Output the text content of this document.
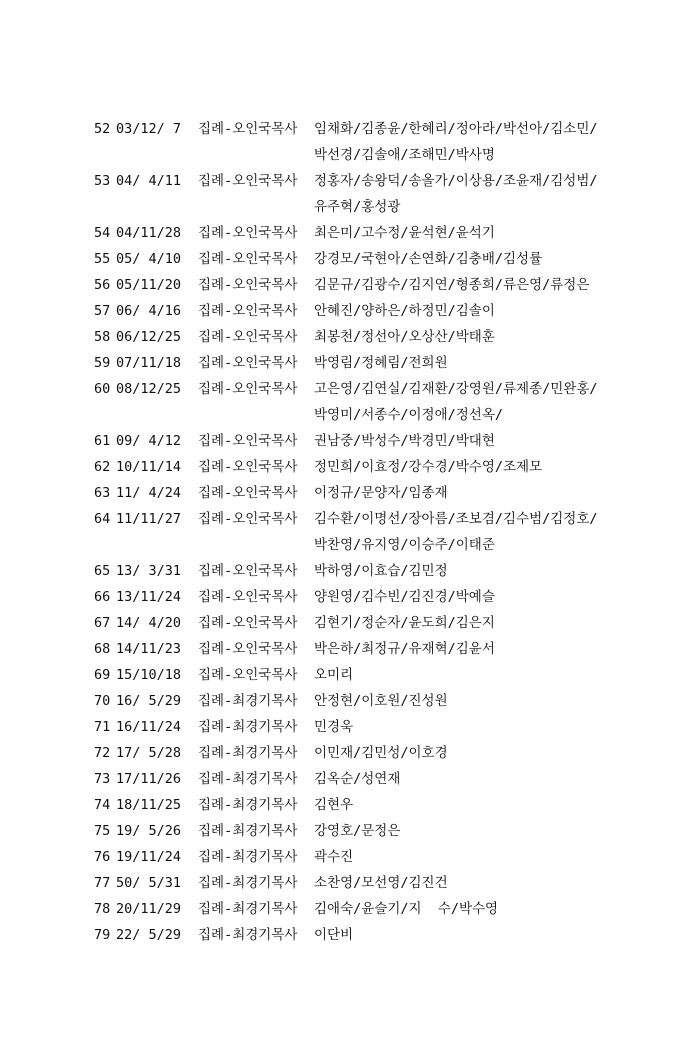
52 03/12/ 7	집례-오인국목사	임채화/김종윤/한혜리/정아라/박선아/김소민/
박선경/김솔애/조해민/박사명
53 04/ 4/11	집례-오인국목사	정홍자/송왕덕/송올가/이상용/조윤재/김성범/
유주혁/홍성광
54 04/11/28	집례-오인국목사	최은미/고수정/윤석현/윤석기
55 05/ 4/10	집례-오인국목사	강경모/국현아/손연화/김충배/김성률
56 05/11/20	집례-오인국목사	김문규/김광수/김지연/형종희/류은영/류정은
57 06/ 4/16	집례-오인국목사	안혜진/양하은/하정민/김솔이
58 06/12/25	집례-오인국목사	최봉천/정선아/오상산/박태훈
59 07/11/18	집례-오인국목사	박영림/정혜림/전희원
60 08/12/25	집례-오인국목사	고은영/김연실/김재환/강영원/류제종/민완홍/
박영미/서종수/이정애/정선옥/
61 09/ 4/12	집례-오인국목사	권남중/박성수/박경민/박대현
62 10/11/14	집례-오인국목사	정민희/이효정/강수경/박수영/조제모
63 11/ 4/24	집례-오인국목사	이정규/문양자/임종재
64 11/11/27	집례-오인국목사	김수환/이명선/장아름/조보겸/김수범/김정호/
박찬영/유지영/이승주/이태준
65 13/ 3/31	집례-오인국목사	박하영/이효습/김민정
66 13/11/24	집례-오인국목사	양원영/김수빈/김진경/박예슬
67 14/ 4/20	집례-오인국목사	김현기/정순자/윤도희/김은지
68 14/11/23	집례-오인국목사	박은하/최정규/유재혁/김윤서
69 15/10/18	집례-오인국목사	오미리
70 16/ 5/29	집례-최경기목사	안정현/이호원/진성원
71 16/11/24	집례-최경기목사	민경욱
72 17/ 5/28	집례-최경기목사	이민재/김민성/이호경
73 17/11/26	집례-최경기목사	김옥순/성연재
74 18/11/25	집례-최경기목사	김현우
75 19/ 5/26	집례-최경기목사	강영호/문정은
76 19/11/24	집례-최경기목사	곽수진
77 50/ 5/31	집례-최경기목사	소찬영/모선영/김진건
78 20/11/29	집례-최경기목사	김애숙/윤슬기/지  수/박수영
79 22/ 5/29	집례-최경기목사	이단비
